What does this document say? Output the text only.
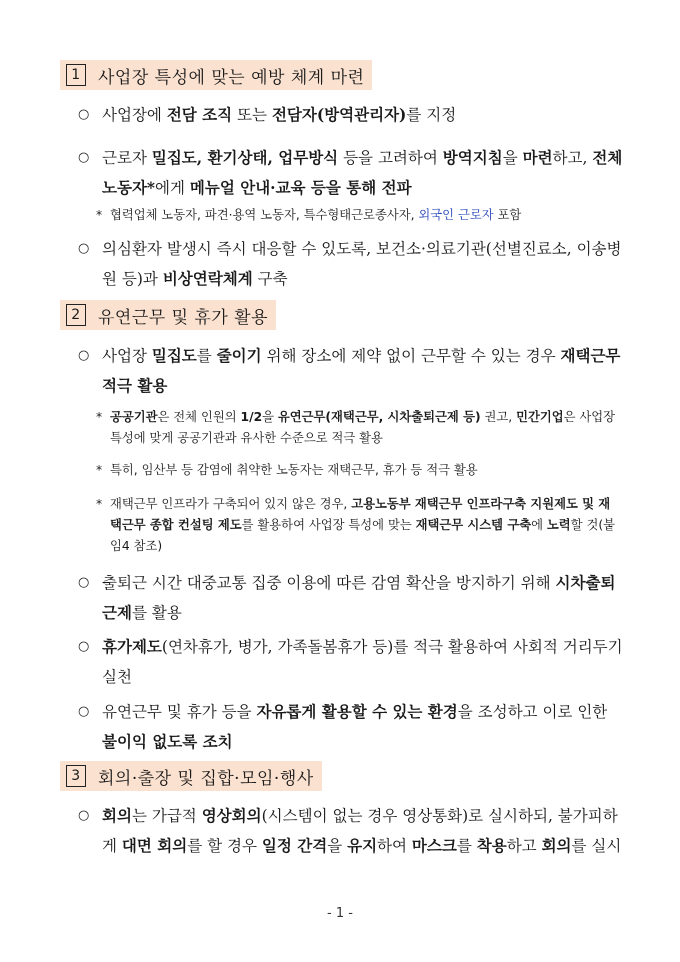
1	사업장 특성에 맞는 예방 체계 마련
○ 사업장에 전담 조직 또는 전담자(방역관리자)를 지정
○ 근로자 밀집도, 환기상태, 업무방식 등을 고려하여 방역지침을 마련하고, 전체 노동자*에게 메뉴얼 안내·교육 등을 통해 전파
* 협력업체 노동자, 파견·용역 노동자, 특수형태근로종사자, 외국인 근로자 포함
○ 의심환자 발생시 즉시 대응할 수 있도록, 보건소·의료기관(선별진료소, 이송병원 등)과 비상연락체계 구축
2	유연근무 및 휴가 활용
○ 사업장 밀집도를 줄이기 위해 장소에 제약 없이 근무할 수 있는 경우 재택근무 적극 활용
* 공공기관은 전체 인원의 1/2을 유연근무(재택근무, 시차출퇴근제 등) 권고, 민간기업은 사업장 특성에 맞게 공공기관과 유사한 수준으로 적극 활용
* 특히, 임산부 등 감염에 취약한 노동자는 재택근무, 휴가 등 적극 활용
* 재택근무 인프라가 구축되어 있지 않은 경우, 고용노동부 재택근무 인프라구축 지원제도 및 재택근무 종합 컨설팅 제도를 활용하여 사업장 특성에 맞는 재택근무 시스템 구축에 노력할 것(붙임4 참조)
○ 출퇴근 시간 대중교통 집중 이용에 따른 감염 확산을 방지하기 위해 시차출퇴근제를 활용
○ 휴가제도(연차휴가, 병가, 가족돌봄휴가 등)를 적극 활용하여 사회적 거리두기 실천
○ 유연근무 및 휴가 등을 자유롭게 활용할 수 있는 환경을 조성하고 이로 인한 불이익 없도록 조치
3	회의·출장 및 집합·모임·행사
○ 회의는 가급적 영상회의(시스템이 없는 경우 영상통화)로 실시하되, 불가피하게 대면 회의를 할 경우 일정 간격을 유지하여 마스크를 착용하고 회의를 실시
- 1 -
